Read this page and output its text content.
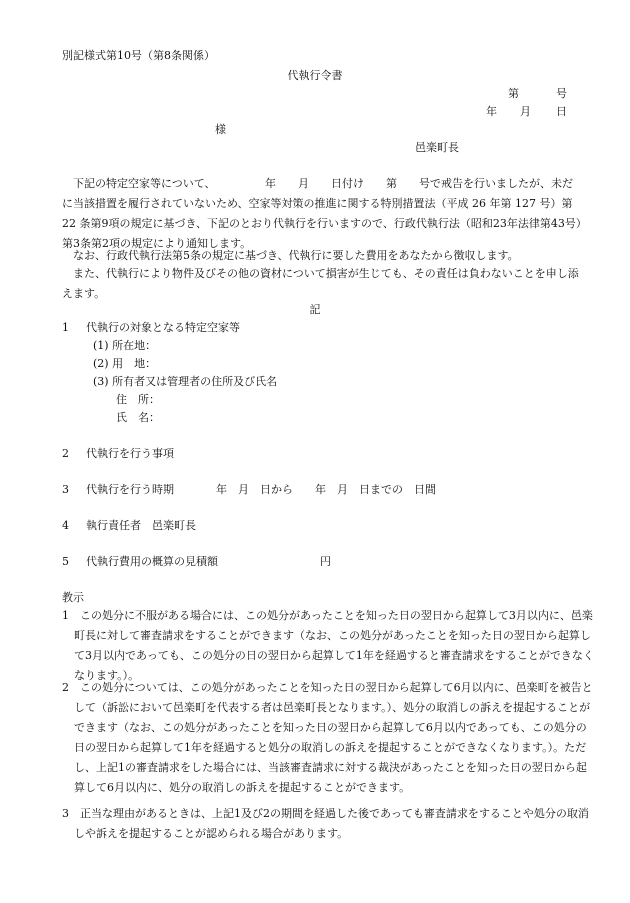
別記様式第10号（第8条関係）
代執行令書
第	号
年 月 日
様
邑楽町長
下記の特定空家等について、　　　　　年　　月　　日付け　　第　　号で戒告を行いましたが、未だに当該措置を履行されていないため、空家等対策の推進に関する特別措置法（平成 26 年第 127 号）第 22 条第9項の規定に基づき、下記のとおり代執行を行いますので、行政代執行法（昭和23年法律第43号）第3条第2項の規定により通知します。
なお、行政代執行法第5条の規定に基づき、代執行に要した費用をあなたから徴収します。
また、代執行により物件及びその他の資材について損害が生じても、その責任は負わないことを申し添えます。
記
1 代執行の対象となる特定空家等
(1) 所在地：
(2) 用　地：
(3) 所有者又は管理者の住所及び氏名
住　所：
氏　名：
2 代執行を行う事項
3 代執行を行う時期	年　月　日から　　年　月　日までの　日間
4 執行責任者　邑楽町長
5 代執行費用の概算の見積額	円
教示
1　この処分に不服がある場合には、この処分があったことを知った日の翌日から起算して3月以内に、邑楽町長に対して審査請求をすることができます（なお、この処分があったことを知った日の翌日から起算して3月以内であっても、この処分の日の翌日から起算して1年を経過すると審査請求をすることができなくなります。）。
2　この処分については、この処分があったことを知った日の翌日から起算して6月以内に、邑楽町を被告として（訴訟において邑楽町を代表する者は邑楽町長となります。）、処分の取消しの訴えを提起することができます（なお、この処分があったことを知った日の翌日から起算して6月以内であっても、この処分の日の翌日から起算して1年を経過すると処分の取消しの訴えを提起することができなくなります。）。ただし、上記1の審査請求をした場合には、当該審査請求に対する裁決があったことを知った日の翌日から起算して6月以内に、処分の取消しの訴えを提起することができます。
3　正当な理由があるときは、上記1及び2の期間を経過した後であっても審査請求をすることや処分の取消しや訴えを提起することが認められる場合があります。
